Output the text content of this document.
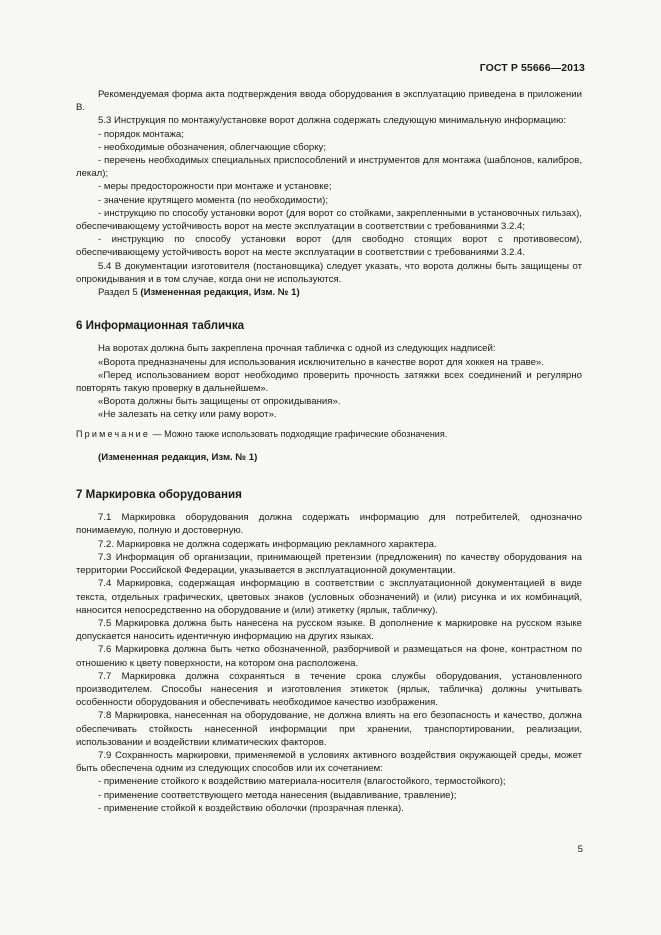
ГОСТ Р 55666—2013

Рекомендуемая форма акта подтверждения ввода оборудования в эксплуатацию приведена в приложении В.

5.3 Инструкция по монтажу/установке ворот должна содержать следующую минимальную информацию:

- порядок монтажа;

- необходимые обозначения, облегчающие сборку;

- перечень необходимых специальных приспособлений и инструментов для монтажа (шаблонов, калибров, лекал);

- меры предосторожности при монтаже и установке;

- значение крутящего момента (по необходимости);

- инструкцию по способу установки ворот (для ворот со стойками, закрепленными в установочных гильзах), обеспечивающему устойчивость ворот на месте эксплуатации в соответствии с требованиями 3.2.4;

- инструкцию по способу установки ворот (для свободно стоящих ворот с противовесом), обеспечивающему устойчивость ворот на месте эксплуатации в соответствии с требованиями 3.2.4.

5.4 В документации изготовителя (постановщика) следует указать, что ворота должны быть защищены от опрокидывания и в том случае, когда они не используются.

Раздел 5 (Измененная редакция, Изм. № 1)

6 Информационная табличка

На воротах должна быть закреплена прочная табличка с одной из следующих надписей:

«Ворота предназначены для использования исключительно в качестве ворот для хоккея на траве».

«Перед использованием ворот необходимо проверить прочность затяжки всех соединений и регулярно повторять такую проверку в дальнейшем».

«Ворота должны быть защищены от опрокидывания».

«Не залезать на сетку или раму ворот».

Примечание — Можно также использовать подходящие графические обозначения.

(Измененная редакция, Изм. № 1)

7 Маркировка оборудования

7.1 Маркировка оборудования должна содержать информацию для потребителей, однозначно понимаемую, полную и достоверную.

7.2. Маркировка не должна содержать информацию рекламного характера.

7.3 Информация об организации, принимающей претензии (предложения) по качеству оборудования на территории Российской Федерации, указывается в эксплуатационной документации.

7.4 Маркировка, содержащая информацию в соответствии с эксплуатационной документацией в виде текста, отдельных графических, цветовых знаков (условных обозначений) и (или) рисунка и их комбинаций, наносится непосредственно на оборудование и (или) этикетку (ярлык, табличку).

7.5 Маркировка должна быть нанесена на русском языке. В дополнение к маркировке на русском языке допускается наносить идентичную информацию на других языках.

7.6 Маркировка должна быть четко обозначенной, разборчивой и размещаться на фоне, контрастном по отношению к цвету поверхности, на котором она расположена.

7.7 Маркировка должна сохраняться в течение срока службы оборудования, установленного производителем. Способы нанесения и изготовления этикеток (ярлык, табличка) должны учитывать особенности оборудования и обеспечивать необходимое качество изображения.

7.8 Маркировка, нанесенная на оборудование, не должна влиять на его безопасность и качество, должна обеспечивать стойкость нанесенной информации при хранении, транспортировании, реализации, использовании и воздействии климатических факторов.

7.9 Сохранность маркировки, применяемой в условиях активного воздействия окружающей среды, может быть обеспечена одним из следующих способов или их сочетанием:

- применение стойкого к воздействию материала-носителя (влагостойкого, термостойкого);

- применение соответствующего метода нанесения (выдавливание, травление);

- применение стойкой к воздействию оболочки (прозрачная пленка).

5
